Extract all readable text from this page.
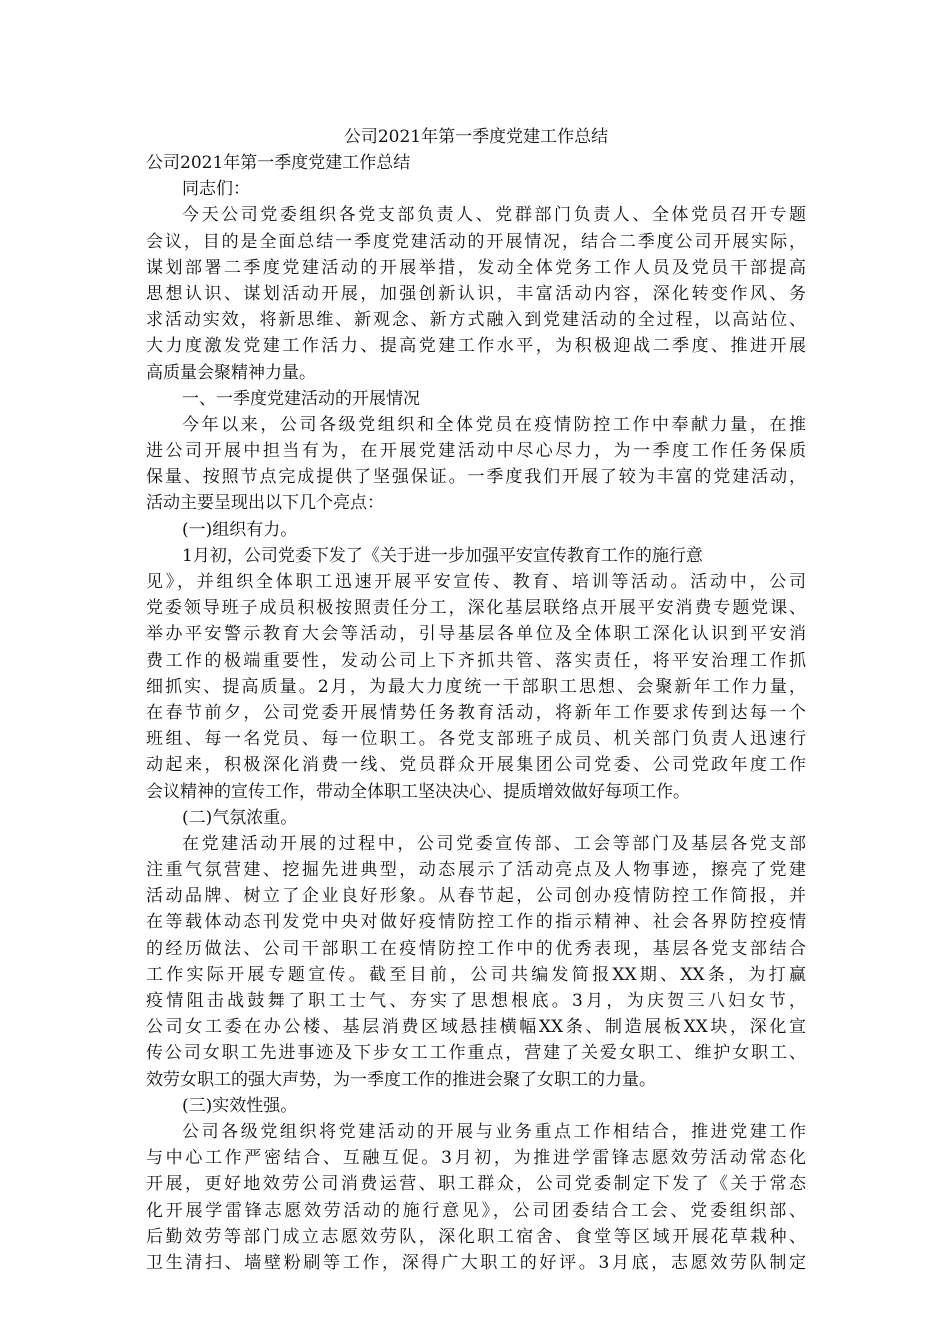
公司2021年第一季度党建工作总结
公司2021年第一季度党建工作总结
同志们：
今天公司党委组织各党支部负责人、党群部门负责人、全体党员召开专题
会议，目的是全面总结一季度党建活动的开展情况，结合二季度公司开展实际，
谋划部署二季度党建活动的开展举措，发动全体党务工作人员及党员干部提高
思想认识、谋划活动开展，加强创新认识，丰富活动内容，深化转变作风、务
求活动实效，将新思维、新观念、新方式融入到党建活动的全过程，以高站位、
大力度激发党建工作活力、提高党建工作水平，为积极迎战二季度、推进开展
高质量会聚精神力量。
一、一季度党建活动的开展情况
今年以来，公司各级党组织和全体党员在疫情防控工作中奉献力量，在推
进公司开展中担当有为，在开展党建活动中尽心尽力，为一季度工作任务保质
保量、按照节点完成提供了坚强保证。一季度我们开展了较为丰富的党建活动，
活动主要呈现出以下几个亮点：
(一)组织有力。
1月初，公司党委下发了《关于进一步加强平安宣传教育工作的施行意
见》，并组织全体职工迅速开展平安宣传、教育、培训等活动。活动中，公司
党委领导班子成员积极按照责任分工，深化基层联络点开展平安消费专题党课、
举办平安警示教育大会等活动，引导基层各单位及全体职工深化认识到平安消
费工作的极端重要性，发动公司上下齐抓共管、落实责任，将平安治理工作抓
细抓实、提高质量。2月，为最大力度统一干部职工思想、会聚新年工作力量，
在春节前夕，公司党委开展情势任务教育活动，将新年工作要求传到达每一个
班组、每一名党员、每一位职工。各党支部班子成员、机关部门负责人迅速行
动起来，积极深化消费一线、党员群众开展集团公司党委、公司党政年度工作
会议精神的宣传工作，带动全体职工坚决决心、提质增效做好每项工作。
(二)气氛浓重。
在党建活动开展的过程中，公司党委宣传部、工会等部门及基层各党支部
注重气氛营建、挖掘先进典型，动态展示了活动亮点及人物事迹，擦亮了党建
活动品牌、树立了企业良好形象。从春节起，公司创办疫情防控工作简报，并
在等载体动态刊发党中央对做好疫情防控工作的指示精神、社会各界防控疫情
的经历做法、公司干部职工在疫情防控工作中的优秀表现，基层各党支部结合
工作实际开展专题宣传。截至目前，公司共编发简报XX期、XX条，为打赢
疫情阻击战鼓舞了职工士气、夯实了思想根底。3月，为庆贺三八妇女节，
公司女工委在办公楼、基层消费区域悬挂横幅XX条、制造展板XX块，深化宣
传公司女职工先进事迹及下步女工工作重点，营建了关爱女职工、维护女职工、
效劳女职工的强大声势，为一季度工作的推进会聚了女职工的力量。
(三)实效性强。
公司各级党组织将党建活动的开展与业务重点工作相结合，推进党建工作
与中心工作严密结合、互融互促。3月初，为推进学雷锋志愿效劳活动常态化
开展，更好地效劳公司消费运营、职工群众，公司党委制定下发了《关于常态
化开展学雷锋志愿效劳活动的施行意见》，公司团委结合工会、党委组织部、
后勤效劳等部门成立志愿效劳队，深化职工宿舍、食堂等区域开展花草栽种、
卫生清扫、墙壁粉刷等工作，深得广大职工的好评。3月底，志愿效劳队制定
